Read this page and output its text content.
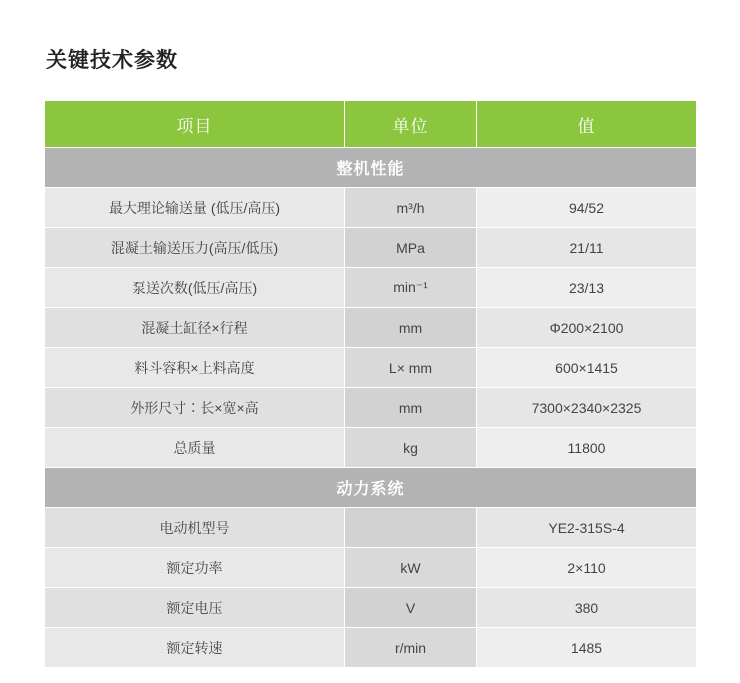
关键技术参数
项目	单位	值
整机性能		
最大理论输送量 (低压/高压)	m³/h	94/52
混凝土输送压力(高压/低压)	MPa	21/11
泵送次数(低压/高压)	min⁻¹	23/13
混凝土缸径×行程	mm	Φ200×2100
料斗容积×上料高度	L× mm	600×1415
外形尺寸∶长×宽×高	mm	7300×2340×2325
总质量	kg	11800
动力系统		
电动机型号		YE2-315S-4
额定功率	kW	2×110
额定电压	V	380
额定转速	r/min	1485
